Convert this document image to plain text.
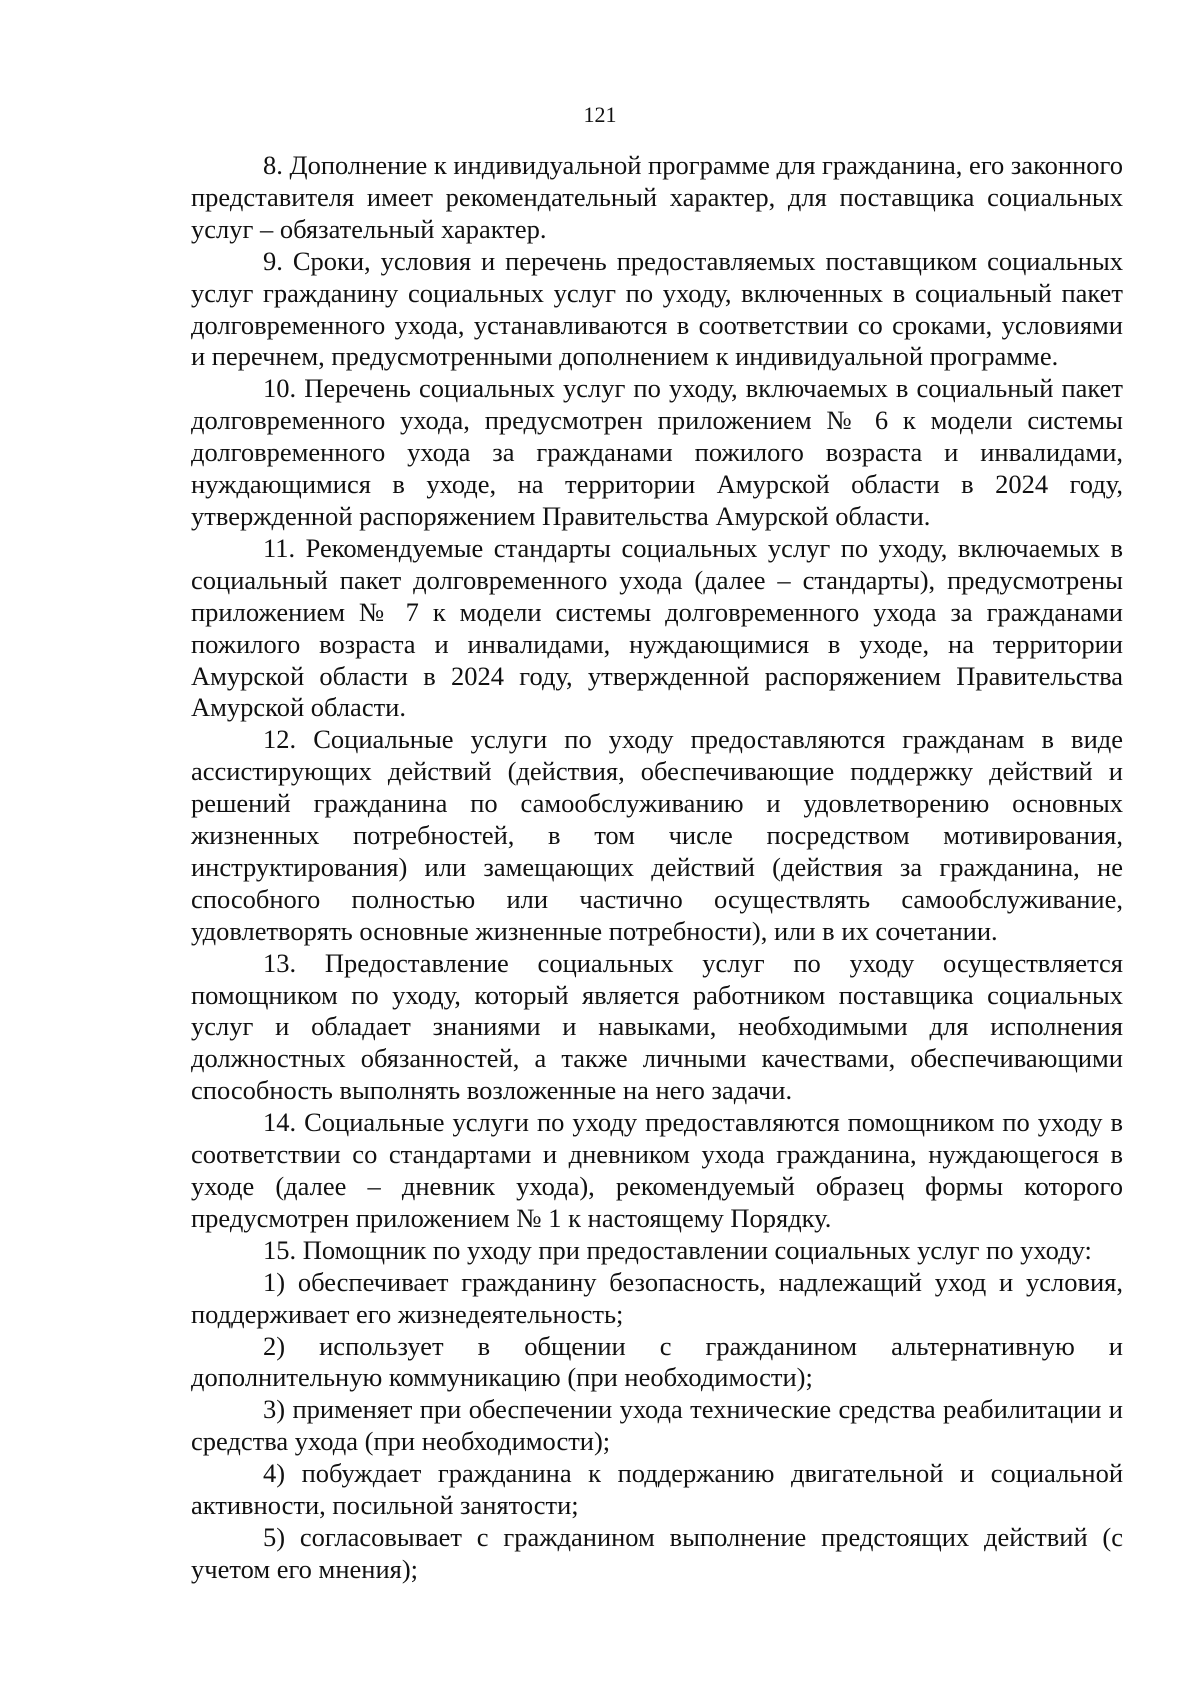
121

8. Дополнение к индивидуальной программе для гражданина, его законного представителя имеет рекомендательный характер, для поставщика социальных услуг – обязательный характер.

9. Сроки, условия и перечень предоставляемых поставщиком социальных услуг гражданину социальных услуг по уходу, включенных в социальный пакет долговременного ухода, устанавливаются в соответствии со сроками, условиями и перечнем, предусмотренными дополнением к индивидуальной программе.

10. Перечень социальных услуг по уходу, включаемых в социальный пакет долговременного ухода, предусмотрен приложением № 6 к модели системы долговременного ухода за гражданами пожилого возраста и инвалидами, нуждающимися в уходе, на территории Амурской области в 2024 году, утвержденной распоряжением Правительства Амурской области.

11. Рекомендуемые стандарты социальных услуг по уходу, включаемых в социальный пакет долговременного ухода (далее – стандарты), предусмотрены приложением № 7 к модели системы долговременного ухода за гражданами пожилого возраста и инвалидами, нуждающимися в уходе, на территории Амурской области в 2024 году, утвержденной распоряжением Правительства Амурской области.

12. Социальные услуги по уходу предоставляются гражданам в виде ассистирующих действий (действия, обеспечивающие поддержку действий и решений гражданина по самообслуживанию и удовлетворению основных жизненных потребностей, в том числе посредством мотивирования, инструктирования) или замещающих действий (действия за гражданина, не способного полностью или частично осуществлять самообслуживание, удовлетворять основные жизненные потребности), или в их сочетании.

13. Предоставление социальных услуг по уходу осуществляется помощником по уходу, который является работником поставщика социальных услуг и обладает знаниями и навыками, необходимыми для исполнения должностных обязанностей, а также личными качествами, обеспечивающими способность выполнять возложенные на него задачи.

14. Социальные услуги по уходу предоставляются помощником по уходу в соответствии со стандартами и дневником ухода гражданина, нуждающегося в уходе (далее – дневник ухода), рекомендуемый образец формы которого предусмотрен приложением № 1 к настоящему Порядку.

15. Помощник по уходу при предоставлении социальных услуг по уходу:

1) обеспечивает гражданину безопасность, надлежащий уход и условия, поддерживает его жизнедеятельность;

2) использует в общении с гражданином альтернативную и дополнительную коммуникацию (при необходимости);

3) применяет при обеспечении ухода технические средства реабилитации и средства ухода (при необходимости);

4) побуждает гражданина к поддержанию двигательной и социальной активности, посильной занятости;

5) согласовывает с гражданином выполнение предстоящих действий (с учетом его мнения);
